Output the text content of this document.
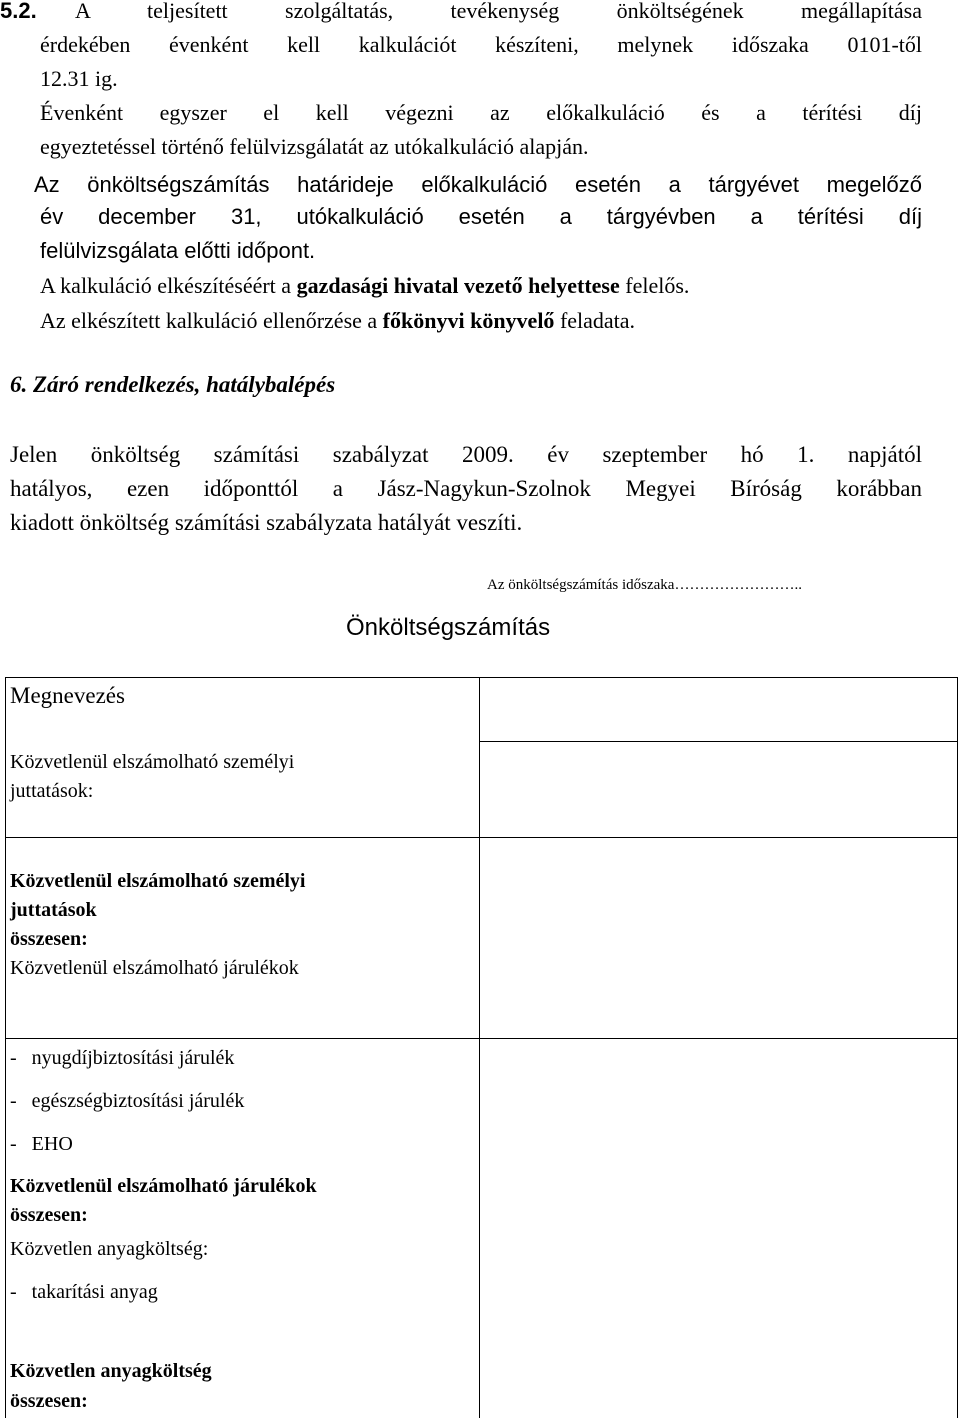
5.2. A teljesített szolgáltatás, tevékenység önköltségének megállapítása
érdekében évenként kell kalkulációt készíteni, melynek időszaka 0101-től
12.31 ig.
Évenként egyszer el kell végezni az előkalkuláció és a térítési díj
egyeztetéssel történő felülvizsgálatát az utókalkuláció alapján.
Az önköltségszámítás határideje előkalkuláció esetén a tárgyévet megelőző
év december 31, utókalkuláció esetén a tárgyévben a térítési díj
felülvizsgálata előtti időpont.
A kalkuláció elkészítéséért a gazdasági hivatal vezető helyettese felelős.
Az elkészített kalkuláció ellenőrzése a főkönyvi könyvelő feladata.
6. Záró rendelkezés, hatálybalépés
Jelen önköltség számítási szabályzat 2009. év szeptember hó 1. napjától
hatályos, ezen időponttól a Jász-Nagykun-Szolnok Megyei Bíróság korábban
kiadott önköltség számítási szabályzata hatályát veszíti.
Az önköltségszámítás időszaka……………………..
Önköltségszámítás
Megnevezés
Közvetlenül elszámolható személyi
juttatások:
Közvetlenül elszámolható személyi
juttatások
összesen:
Közvetlenül elszámolható járulékok
-   nyugdíjbiztosítási járulék
-   egészségbiztosítási járulék
-   EHO
Közvetlenül elszámolható járulékok
összesen:
Közvetlen anyagköltség:
-   takarítási anyag
Közvetlen anyagköltség
összesen:
